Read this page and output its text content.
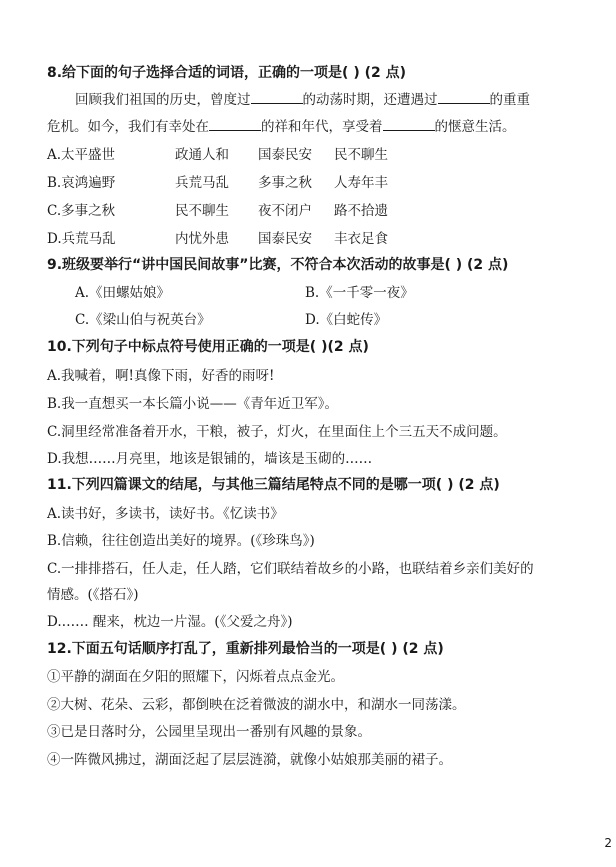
8.给下面的句子选择合适的词语，正确的一项是( ) (2 点)
回顾我们祖国的历史，曾度过	的动荡时期，还遭遇过	的重重
危机。如今，我们有幸处在	的祥和年代，享受着	的惬意生活。
A.太平盛世	政通人和 国泰民安 民不聊生
B.哀鸿遍野	兵荒马乱 多事之秋 人寿年丰
C.多事之秋	民不聊生 夜不闭户 路不拾遗
D.兵荒马乱	内忧外患 国泰民安 丰衣足食
9.班级要举行“讲中国民间故事”比赛，不符合本次活动的故事是( ) (2 点)
A.《田螺姑娘》	B.《一千零一夜》
C.《梁山伯与祝英台》	D.《白蛇传》
10.下列句子中标点符号使用正确的一项是( )(2 点)
A.我喊着，啊!真像下雨，好香的雨呀!
B.我一直想买一本长篇小说——《青年近卫军》。
C.洞里经常准备着开水，干粮，被子，灯火，在里面住上个三五天不成问题。
D.我想……月亮里，地该是银铺的，墙该是玉砌的……
11.下列四篇课文的结尾，与其他三篇结尾特点不同的是哪一项( ) (2 点)
A.读书好，多读书，读好书。《忆读书》
B.信赖，往往创造出美好的境界。(《珍珠鸟》)
C.一排排搭石，任人走，任人踏，它们联结着故乡的小路，也联结着乡亲们美好的
情感。(《搭石》)
D.…… 醒来，枕边一片湿。(《父爱之舟》)
12.下面五句话顺序打乱了，重新排列最恰当的一项是( ) (2 点)
①平静的湖面在夕阳的照耀下，闪烁着点点金光。
②大树、花朵、云彩，都倒映在泛着微波的湖水中，和湖水一同荡漾。
③已是日落时分，公园里呈现出一番别有风趣的景象。
④一阵微风拂过，湖面泛起了层层涟漪，就像小姑娘那美丽的裙子。
2
